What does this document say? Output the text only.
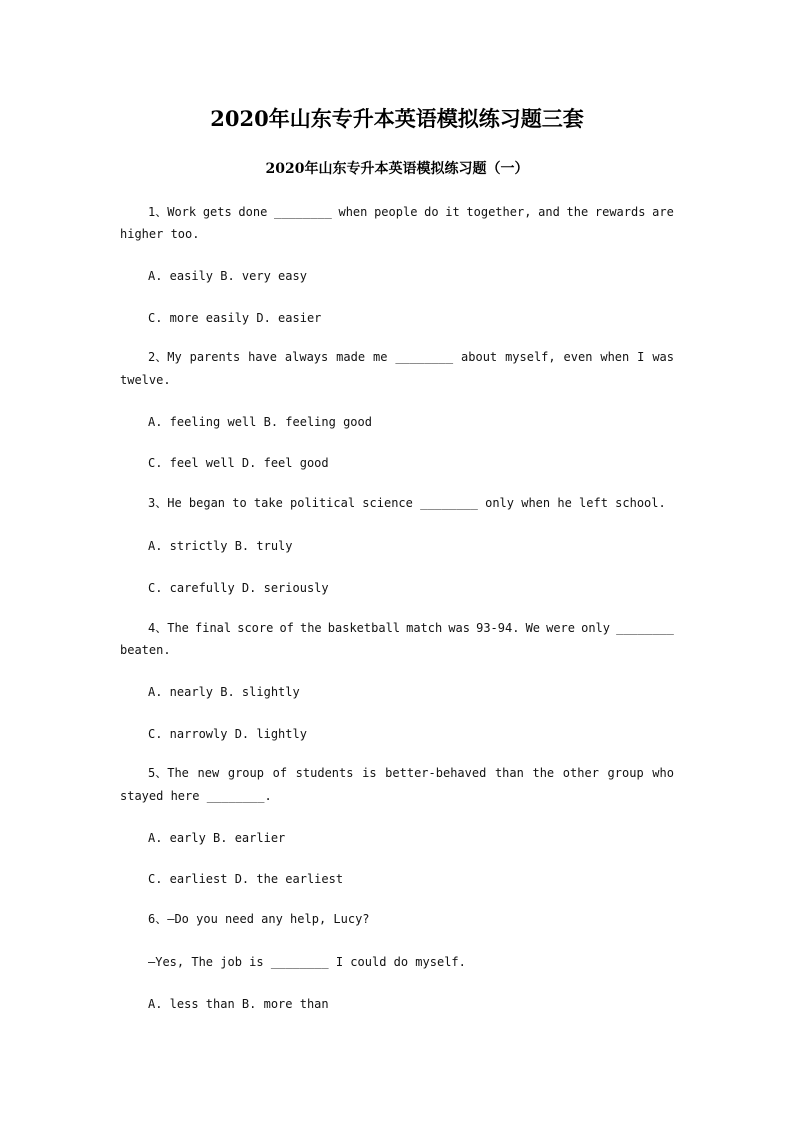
2020年山东专升本英语模拟练习题三套
2020年山东专升本英语模拟练习题（一）
1、Work gets done ________ when people do it together, and the rewards are
higher too.
A. easily B. very easy
C. more easily D. easier
2、My parents have always made me ________ about myself, even when I was
twelve.
A. feeling well B. feeling good
C. feel well D. feel good
3、He began to take political science ________ only when he left school.
A. strictly B. truly
C. carefully D. seriously
4、The final score of the basketball match was 93-94. We were only ________
beaten.
A. nearly B. slightly
C. narrowly D. lightly
5、The new group of students is better-behaved than the other group who
stayed here ________.
A. early B. earlier
C. earliest D. the earliest
6、—Do you need any help, Lucy?
—Yes, The job is ________ I could do myself.
A. less than B. more than
